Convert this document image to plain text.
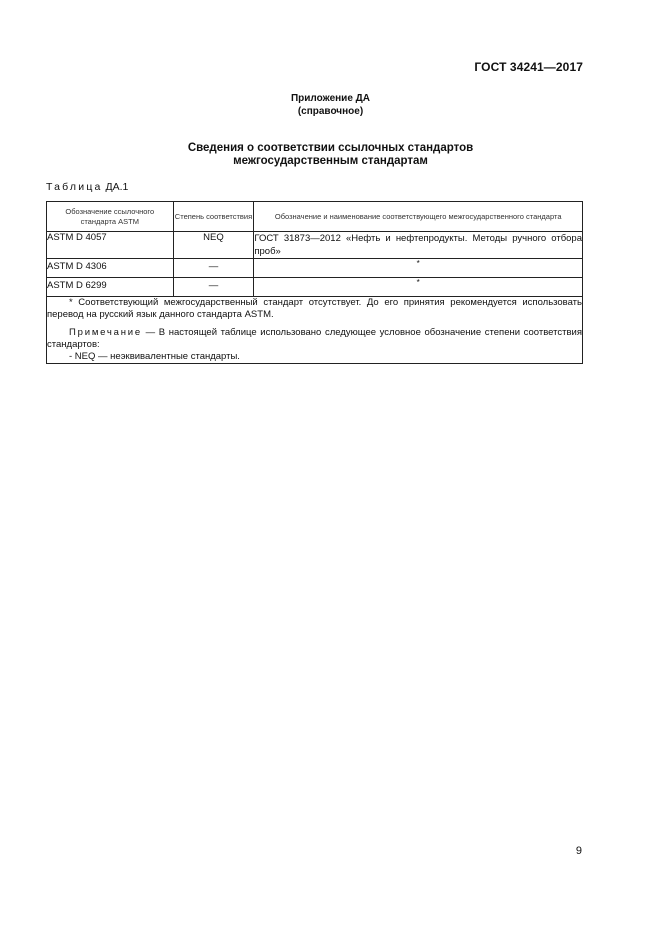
ГОСТ 34241—2017
Приложение ДА
(справочное)
Сведения о соответствии ссылочных стандартов
межгосударственным стандартам
Таблица ДА.1
Обозначение ссылочного стандарта ASTM	Степень соответствия	Обозначение и наименование соответствующего межгосударственного стандарта
ASTM D 4057	NEQ	ГОСТ 31873—2012 «Нефть и нефтепродукты. Методы ручного отбора проб»
ASTM D 4306	—	*
ASTM D 6299	—	*

* Соответствующий межгосударственный стандарт отсутствует. До его принятия рекомендуется использовать перевод на русский язык данного стандарта ASTM.

Примечание — В настоящей таблице использовано следующее условное обозначение степени соответствия стандартов:

- NEQ — неэквивалентные стандарты.		

9
